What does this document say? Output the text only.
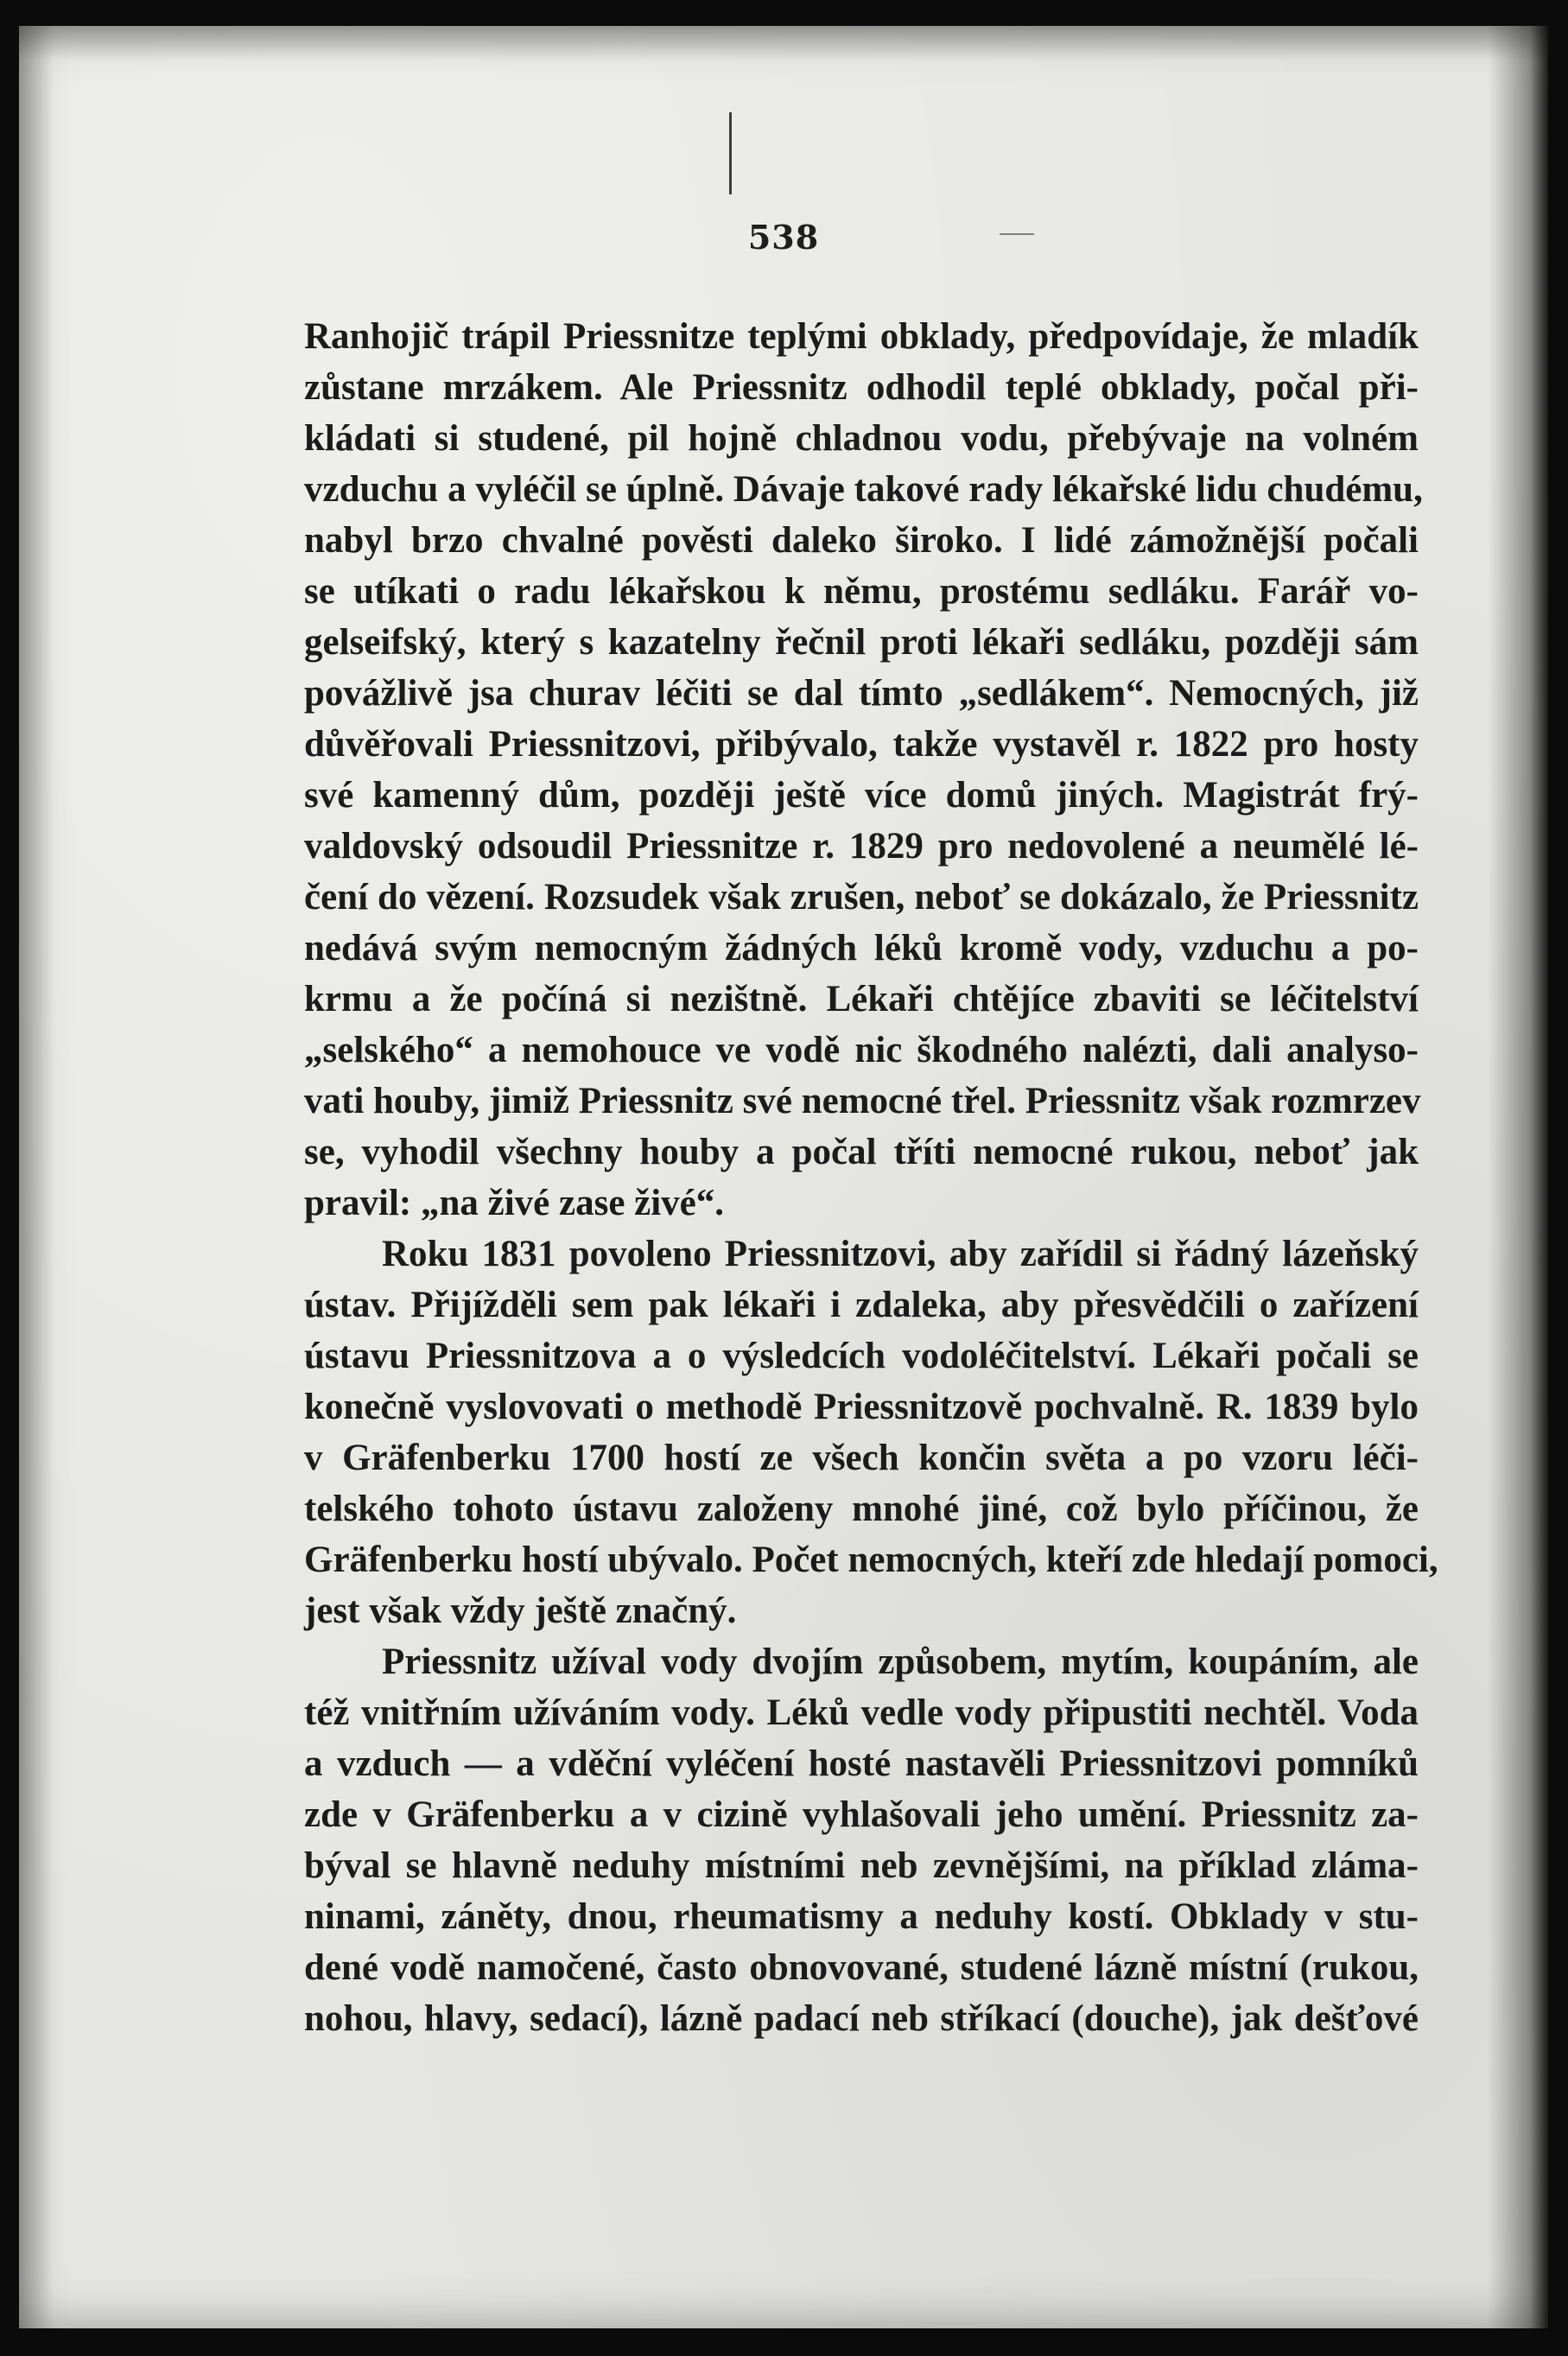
538
Ranhojič trápil Priessnitze teplými obklady, předpovídaje, že mladík
zůstane mrzákem. Ale Priessnitz odhodil teplé obklady, počal při-
kládati si studené, pil hojně chladnou vodu, přebývaje na volném
vzduchu a vyléčil se úplně. Dávaje takové rady lékařské lidu chudému,
nabyl brzo chvalné pověsti daleko široko. I lidé zámožnější počali
se utíkati o radu lékařskou k němu, prostému sedláku. Farář vo-
gelseifský, který s kazatelny řečnil proti lékaři sedláku, později sám
povážlivě jsa churav léčiti se dal tímto „sedlákem“. Nemocných, již
důvěřovali Priessnitzovi, přibývalo, takže vystavěl r. 1822 pro hosty
své kamenný dům, později ještě více domů jiných. Magistrát frý-
valdovský odsoudil Priessnitze r. 1829 pro nedovolené a neumělé lé-
čení do vězení. Rozsudek však zrušen, neboť se dokázalo, že Priessnitz
nedává svým nemocným žádných léků kromě vody, vzduchu a po-
krmu a že počíná si nezištně. Lékaři chtějíce zbaviti se léčitelství
„selského“ a nemohouce ve vodě nic škodného nalézti, dali analyso-
vati houby, jimiž Priessnitz své nemocné třel. Priessnitz však rozmrzev
se, vyhodil všechny houby a počal tříti nemocné rukou, neboť jak
pravil: „na živé zase živé“.
Roku 1831 povoleno Priessnitzovi, aby zařídil si řádný lázeňský
ústav. Přijížděli sem pak lékaři i zdaleka, aby přesvědčili o zařízení
ústavu Priessnitzova a o výsledcích vodoléčitelství. Lékaři počali se
konečně vyslovovati o methodě Priessnitzově pochvalně. R. 1839 bylo
v Gräfenberku 1700 hostí ze všech končin světa a po vzoru léči-
telského tohoto ústavu založeny mnohé jiné, což bylo příčinou, že
Gräfenberku hostí ubývalo. Počet nemocných, kteří zde hledají pomoci,
jest však vždy ještě značný.
Priessnitz užíval vody dvojím způsobem, mytím, koupáním, ale
též vnitřním užíváním vody. Léků vedle vody připustiti nechtěl. Voda
a vzduch — a vděční vyléčení hosté nastavěli Priessnitzovi pomníků
zde v Gräfenberku a v cizině vyhlašovali jeho umění. Priessnitz za-
býval se hlavně neduhy místními neb zevnějšími, na příklad zláma-
ninami, záněty, dnou, rheumatismy a neduhy kostí. Obklady v stu-
dené vodě namočené, často obnovované, studené lázně místní (rukou,
nohou, hlavy, sedací), lázně padací neb stříkací (douche), jak dešťové
